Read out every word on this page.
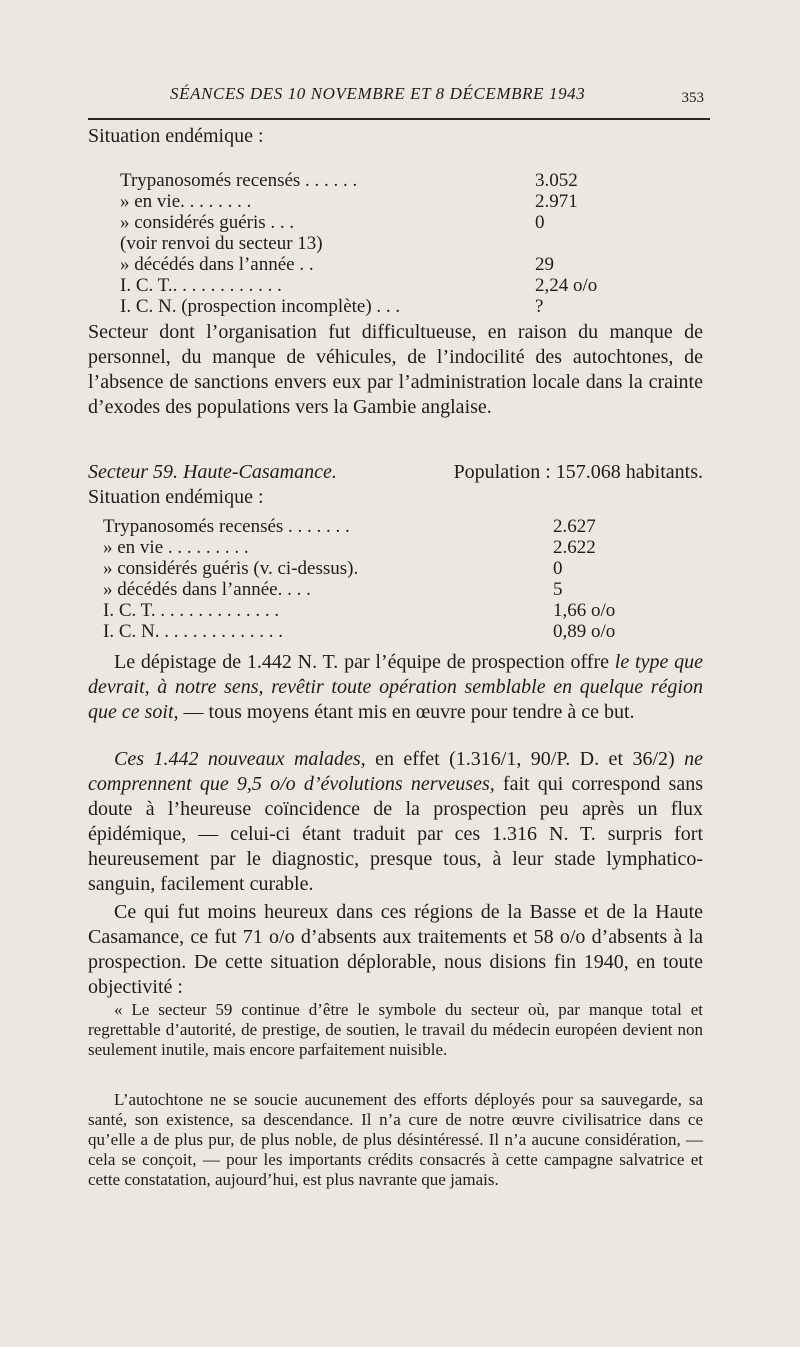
SÉANCES DES 10 NOVEMBRE ET 8 DÉCEMBRE 1943	353
Situation endémique :
Trypanosomés recensés . . . . . .	3.052
» en vie. . . . . . . .	2.971
» considérés guéris . . .	0
(voir renvoi du secteur 13)
» décédés dans l’année . .	29
I. C. T.. . . . . . . . . . . .	2,24 o/o
I. C. N. (prospection incomplète) . . .	?
Secteur dont l’organisation fut difficultueuse, en raison du manque de personnel, du manque de véhicules, de l’indocilité des autochtones, de l’absence de sanctions envers eux par l’administration locale dans la crainte d’exodes des populations vers la Gambie anglaise.
Secteur 59. Haute-Casamance.	Population : 157.068 habitants.
Situation endémique :
Trypanosomés recensés . . . . . . .	2.627
» en vie . . . . . . . . .	2.622
» considérés guéris (v. ci-dessus).	0
» décédés dans l’année. . . .	5
I. C. T. . . . . . . . . . . . . .	1,66 o/o
I. C. N. . . . . . . . . . . . . .	0,89 o/o
Le dépistage de 1.442 N. T. par l’équipe de prospection offre le type que devrait, à notre sens, revêtir toute opération semblable en quelque région que ce soit, — tous moyens étant mis en œuvre pour tendre à ce but.
Ces 1.442 nouveaux malades, en effet (1.316/1, 90/P. D. et 36/2) ne comprennent que 9,5 o/o d’évolutions nerveuses, fait qui correspond sans doute à l’heureuse coïncidence de la prospection peu après un flux épidémique, — celui-ci étant traduit par ces 1.316 N. T. surpris fort heureusement par le diagnostic, presque tous, à leur stade lymphatico-sanguin, facilement curable.
Ce qui fut moins heureux dans ces régions de la Basse et de la Haute Casamance, ce fut 71 o/o d’absents aux traitements et 58 o/o d’absents à la prospection. De cette situation déplorable, nous disions fin 1940, en toute objectivité :
« Le secteur 59 continue d’être le symbole du secteur où, par manque total et regrettable d’autorité, de prestige, de soutien, le travail du médecin européen devient non seulement inutile, mais encore parfaitement nuisible.
L’autochtone ne se soucie aucunement des efforts déployés pour sa sauvegarde, sa santé, son existence, sa descendance. Il n’a cure de notre œuvre civilisatrice dans ce qu’elle a de plus pur, de plus noble, de plus désintéressé. Il n’a aucune considération, — cela se conçoit, — pour les importants crédits consacrés à cette campagne salvatrice et cette constatation, aujourd’hui, est plus navrante que jamais.
